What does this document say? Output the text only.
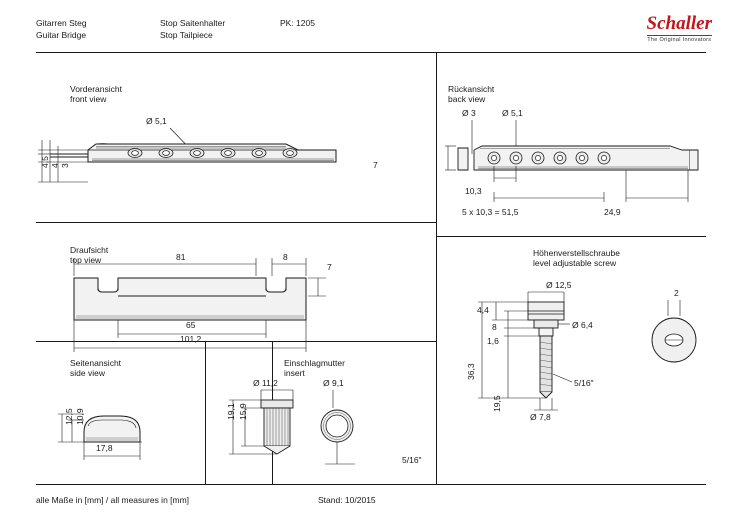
Gitarren Steg
Guitar Bridge
Stop Saitenhalter
Stop Tailpiece
PK: 1205	Schaller
The Original Innovators
Vorderansicht
front view
Ø 5,1
4,5 4 3
Rückansicht
back view
Ø 3	Ø 5,1
7
10,3
5 x 10,3 = 51,5	24,9
Draufsicht
top view	81	8
7
65
101,2
Seitenansicht
side view
12,5 10,9
17,8
Einschlagmutter
insert
Ø 11,2	Ø 9,1
19,1 15,9
5/16"
Höhenverstellschraube
level adjustable screw
Ø 12,5
Ø 6,4
5/16"
Ø 7,8
2
4,4
8
1,6
36,3
19,5
alle Maße in [mm] / all measures in [mm]	Stand: 10/2015
